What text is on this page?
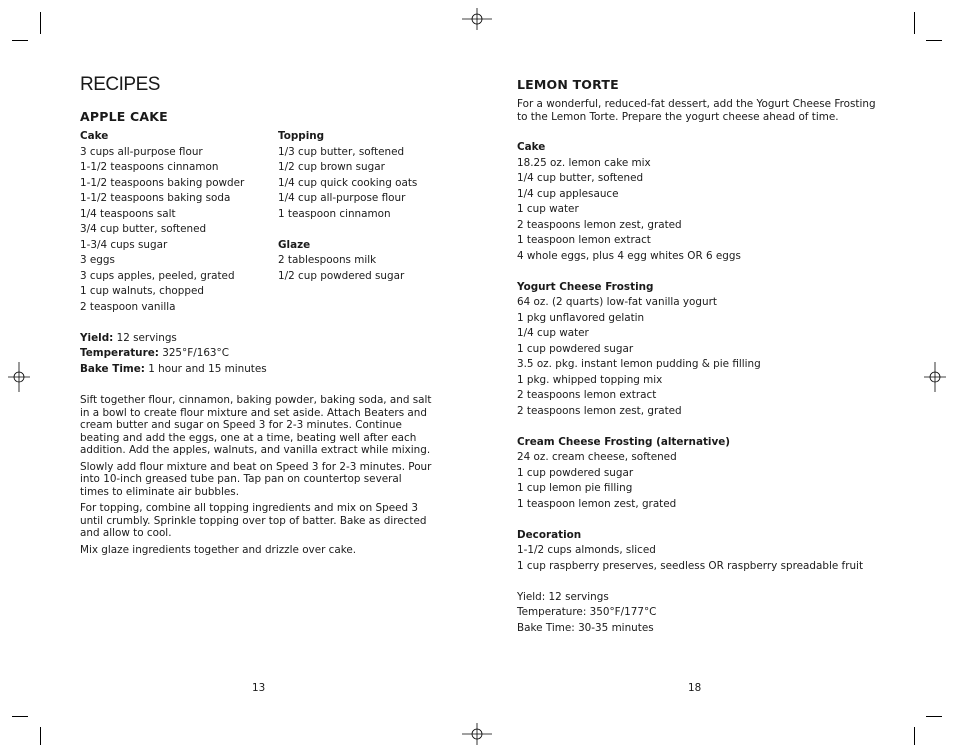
RECIPES
APPLE CAKE
Cake
3 cups all-purpose flour
1-1/2 teaspoons cinnamon
1-1/2 teaspoons baking powder
1-1/2 teaspoons baking soda
1/4 teaspoons salt
3/4 cup butter, softened
1-3/4 cups sugar
3 eggs
3 cups apples, peeled, grated
1 cup walnuts, chopped
2 teaspoon vanilla
Yield: 12 servings
Temperature: 325°F/163°C
Bake Time: 1 hour and 15 minutes
Topping
1/3 cup butter, softened
1/2 cup brown sugar
1/4 cup quick cooking oats
1/4 cup all-purpose flour
1 teaspoon cinnamon
Glaze
2 tablespoons milk
1/2 cup powdered sugar

Sift together flour, cinnamon, baking powder, baking soda, and salt in a bowl to create flour mixture and set aside. Attach Beaters and cream butter and sugar on Speed 3 for 2-3 minutes. Continue beating and add the eggs, one at a time, beating well after each addition. Add the apples, walnuts, and vanilla extract while mixing.

Slowly add flour mixture and beat on Speed 3 for 2-3 minutes. Pour into 10-inch greased tube pan. Tap pan on countertop several times to eliminate air bubbles.

For topping, combine all topping ingredients and mix on Speed 3 until crumbly. Sprinkle topping over top of batter. Bake as directed and allow to cool.

Mix glaze ingredients together and drizzle over cake.

13
LEMON TORTE

For a wonderful, reduced-fat dessert, add the Yogurt Cheese Frosting to the Lemon Torte. Prepare the yogurt cheese ahead of time.

Cake
18.25 oz. lemon cake mix
1/4 cup butter, softened
1/4 cup applesauce
1 cup water
2 teaspoons lemon zest, grated
1 teaspoon lemon extract
4 whole eggs, plus 4 egg whites OR 6 eggs
Yogurt Cheese Frosting
64 oz. (2 quarts) low-fat vanilla yogurt
1 pkg unflavored gelatin
1/4 cup water
1 cup powdered sugar
3.5 oz. pkg. instant lemon pudding & pie filling
1 pkg. whipped topping mix
2 teaspoons lemon extract
2 teaspoons lemon zest, grated
Cream Cheese Frosting (alternative)
24 oz. cream cheese, softened
1 cup powdered sugar
1 cup lemon pie filling
1 teaspoon lemon zest, grated
Decoration
1-1/2 cups almonds, sliced
1 cup raspberry preserves, seedless OR raspberry spreadable fruit
Yield: 12 servings
Temperature: 350°F/177°C
Bake Time: 30-35 minutes
18
